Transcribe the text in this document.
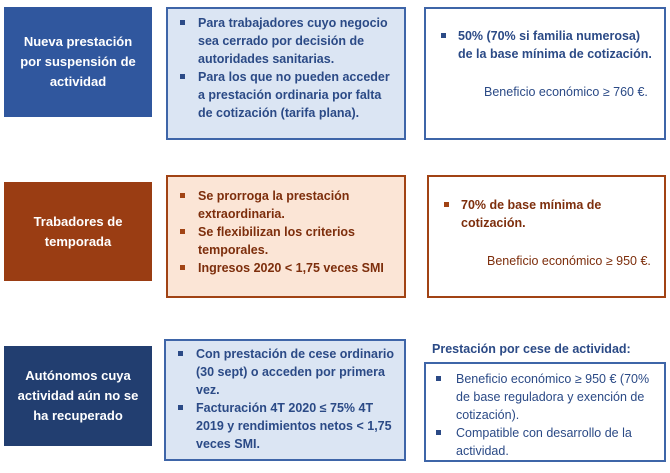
Nueva prestación por suspensión de actividad
Para trabajadores cuyo negocio sea cerrado por decisión de autoridades sanitarias.
Para los que no pueden acceder a prestación ordinaria por falta de cotización (tarifa plana).
50% (70% si familia numerosa) de la base mínima de cotización.
Beneficio económico ≥ 760 €.
Trabadores de temporada
Se prorroga la prestación extraordinaria.
Se flexibilizan los criterios temporales.
Ingresos 2020 < 1,75 veces SMI
70% de base mínima de cotización.
Beneficio económico ≥ 950 €.
Autónomos cuya actividad aún no se ha recuperado
Con prestación de cese ordinario (30 sept) o acceden por primera vez.
Facturación 4T 2020 ≤ 75% 4T 2019 y rendimientos netos < 1,75 veces SMI.
Prestación por cese de actividad:
Beneficio económico ≥ 950 € (70% de base reguladora y exención de cotización).
Compatible con desarrollo de la actividad.
